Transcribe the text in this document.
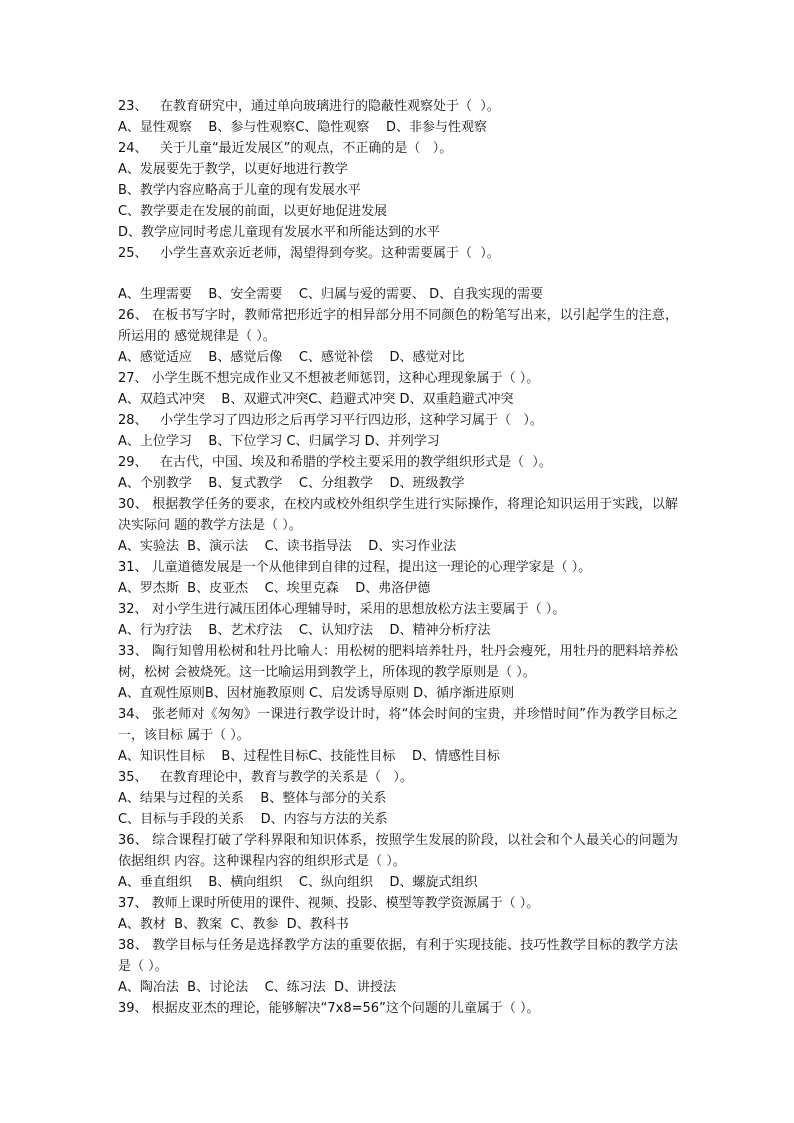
23、   在教育研究中，通过单向玻璃进行的隐蔽性观察处于（  ）。
A、显性观察    B、参与性观察C、隐性观察    D、非参与性观察
24、   关于儿童“最近发展区”的观点，不正确的是（   ）。
A、发展要先于教学，以更好地进行教学
B、教学内容应略高于儿童的现有发展水平
C、教学要走在发展的前面，以更好地促进发展
D、教学应同时考虑儿童现有发展水平和所能达到的水平
25、   小学生喜欢亲近老师，渴望得到夸奖。这种需要属于（  ）。
A、生理需要    B、安全需要    C、归属与爱的需要、 D、自我实现的需要
26、 在板书写字时，教师常把形近字的相异部分用不同颜色的粉笔写出来，以引起学生的注意，所运用的 感觉规律是（ ）。
A、感觉适应    B、感觉后像    C、感觉补偿    D、感觉对比
27、 小学生既不想完成作业又不想被老师惩罚，这种心理现象属于（ ）。
A、双趋式冲突    B、双避式冲突C、趋避式冲突 D、双重趋避式冲突
28、   小学生学习了四边形之后再学习平行四边形，这种学习属于（   ）。
A、上位学习    B、下位学习 C、归属学习 D、并列学习
29、   在古代，中国、埃及和希腊的学校主要采用的教学组织形式是（  ）。
A、个别教学    B、复式教学    C、分组教学    D、班级教学
30、 根据教学任务的要求，在校内或校外组织学生进行实际操作，将理论知识运用于实践，以解决实际问 题的教学方法是（ ）。
A、实验法  B、演示法    C、读书指导法    D、实习作业法
31、 儿童道德发展是一个从他律到自律的过程，提出这一理论的心理学家是（ ）。
A、罗杰斯  B、皮亚杰    C、埃里克森    D、弗洛伊德
32、 对小学生进行减压团体心理辅导时，采用的思想放松方法主要属于（ ）。
A、行为疗法    B、艺术疗法    C、认知疗法    D、精神分析疗法
33、 陶行知曾用松树和牡丹比喻人：用松树的肥料培养牡丹，牡丹会瘦死，用牡丹的肥料培养松树，松树 会被烧死。这一比喻运用到教学上，所体现的教学原则是（ ）。
A、直观性原则B、因材施教原则 C、启发诱导原则 D、循序渐进原则
34、 张老师对《匆匆》一课进行教学设计时，将“体会时间的宝贵，并珍惜时间”作为教学目标之一，该目标 属于（ ）。
A、知识性目标    B、过程性目标C、技能性目标    D、情感性目标
35、   在教育理论中，教育与教学的关系是（   ）。
A、结果与过程的关系    B、整体与部分的关系
C、目标与手段的关系    D、内容与方法的关系
36、 综合课程打破了学科界限和知识体系，按照学生发展的阶段，以社会和个人最关心的问题为依据组织 内容。这种课程内容的组织形式是（ ）。
A、垂直组织    B、横向组织    C、纵向组织    D、螺旋式组织
37、 教师上课时所使用的课件、视频、投影、模型等教学资源属于（ ）。
A、教材  B、教案  C、教参  D、教科书
38、 教学目标与任务是选择教学方法的重要依据，有利于实现技能、技巧性教学目标的教学方法是（ ）。
A、陶冶法  B、讨论法    C、练习法  D、讲授法
39、 根据皮亚杰的理论，能够解决“7x8=56”这个问题的儿童属于（ ）。
